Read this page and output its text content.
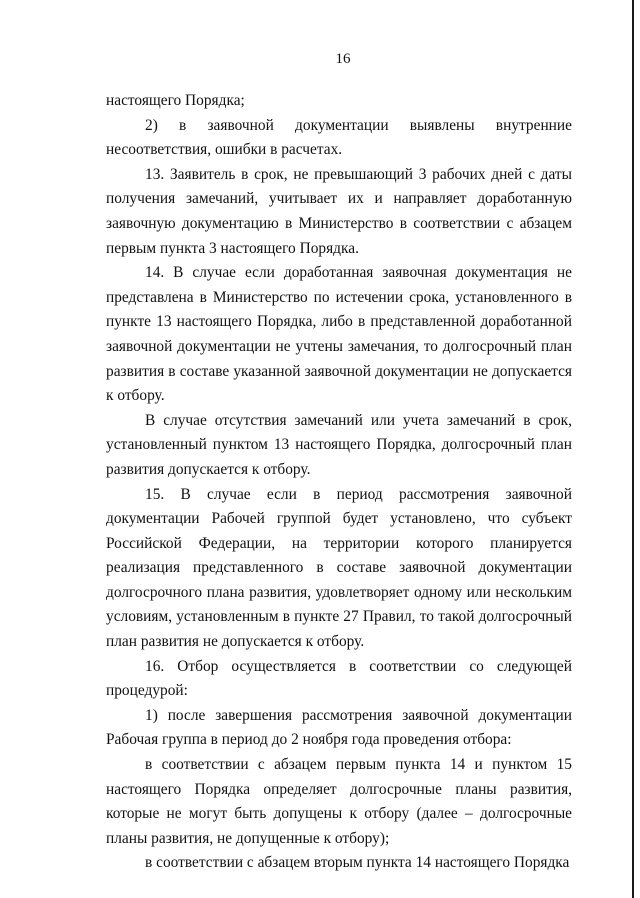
16

настоящего Порядка;

2) в заявочной документации выявлены внутренние несоответствия, ошибки в расчетах.

13. Заявитель в срок, не превышающий 3 рабочих дней с даты получения замечаний, учитывает их и направляет доработанную заявочную документацию в Министерство в соответствии с абзацем первым пункта 3 настоящего Порядка.

14. В случае если доработанная заявочная документация не представлена в Министерство по истечении срока, установленного в пункте 13 настоящего Порядка, либо в представленной доработанной заявочной документации не учтены замечания, то долгосрочный план развития в составе указанной заявочной документации не допускается к отбору.

В случае отсутствия замечаний или учета замечаний в срок, установленный пунктом 13 настоящего Порядка, долгосрочный план развития допускается к отбору.

15. В случае если в период рассмотрения заявочной документации Рабочей группой будет установлено, что субъект Российской Федерации, на территории которого планируется реализация представленного в составе заявочной документации долгосрочного плана развития, удовлетворяет одному или нескольким условиям, установленным в пункте 27 Правил, то такой долгосрочный план развития не допускается к отбору.

16. Отбор осуществляется в соответствии со следующей процедурой:

1) после завершения рассмотрения заявочной документации Рабочая группа в период до 2 ноября года проведения отбора:

в соответствии с абзацем первым пункта 14 и пунктом 15 настоящего Порядка определяет долгосрочные планы развития, которые не могут быть допущены к отбору (далее – долгосрочные планы развития, не допущенные к отбору);

в соответствии с абзацем вторым пункта 14 настоящего Порядка
